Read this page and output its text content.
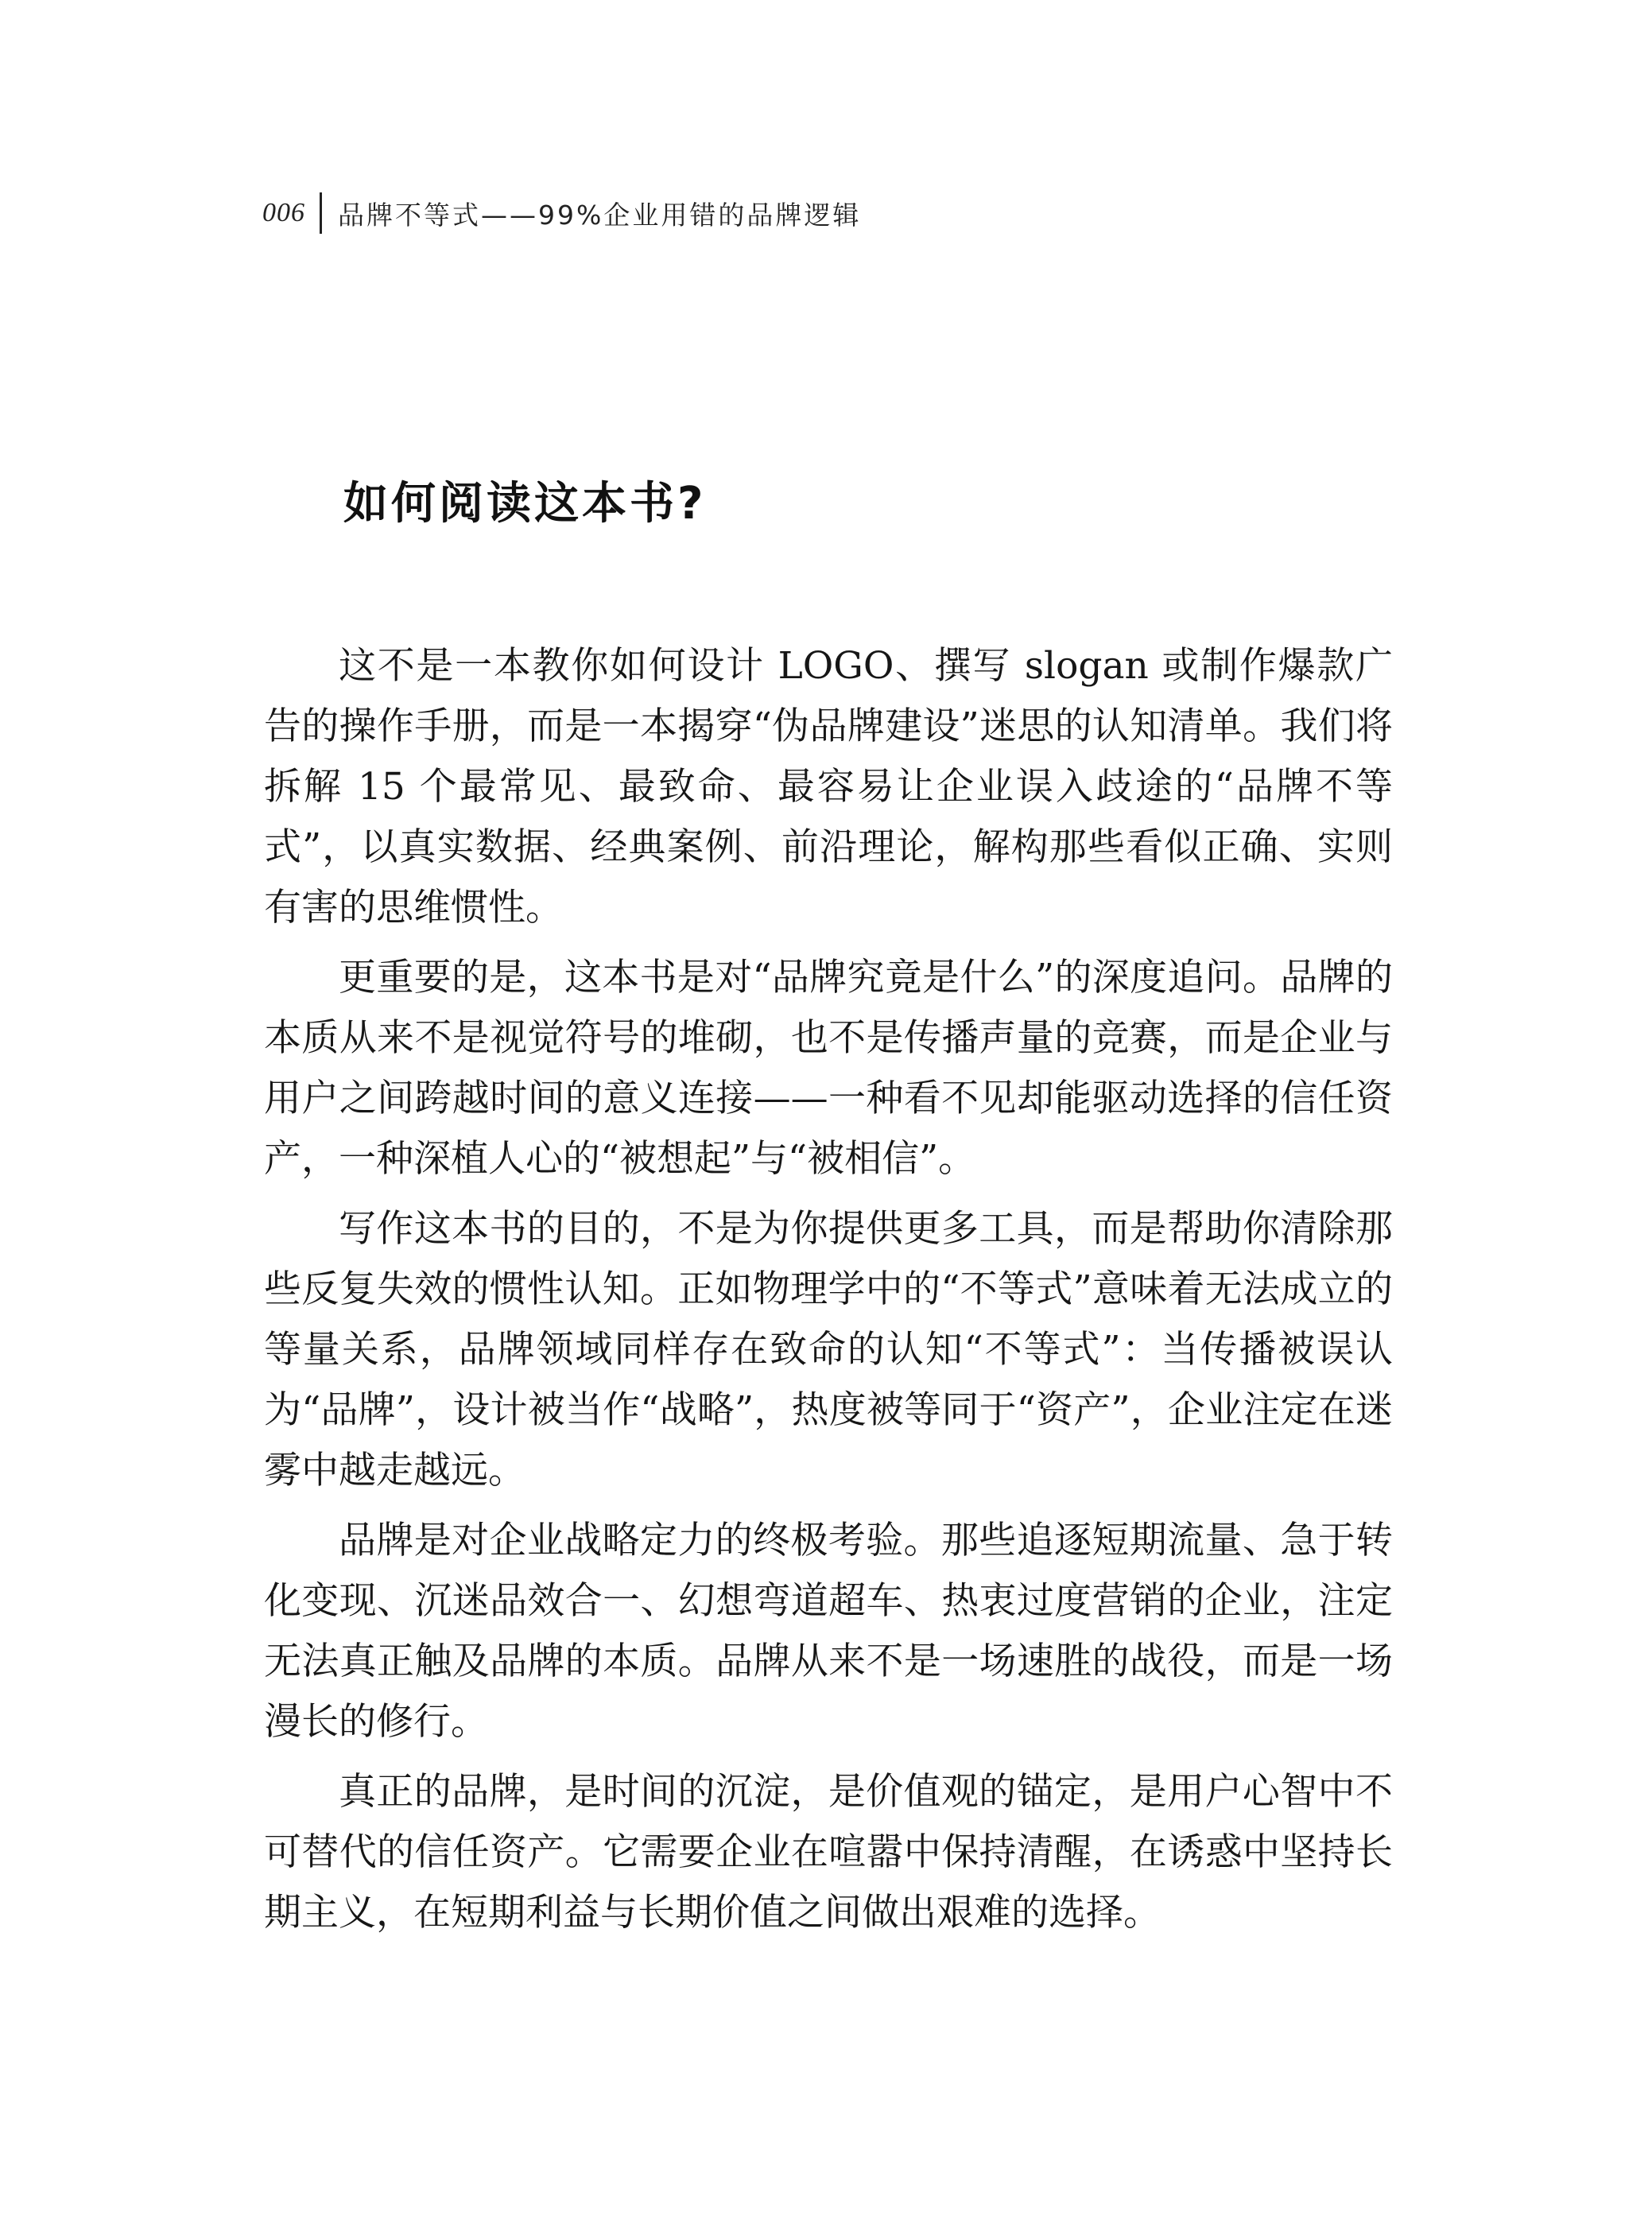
006 品牌不等式——99%企业用错的品牌逻辑
如何阅读这本书?

这不是一本教你如何设计 LOGO、撰写 slogan 或制作爆款广告的操作手册，而是一本揭穿“伪品牌建设”迷思的认知清单。我们将拆解 15 个最常见、最致命、最容易让企业误入歧途的“品牌不等式”，以真实数据、经典案例、前沿理论，解构那些看似正确、实则有害的思维惯性。

更重要的是，这本书是对“品牌究竟是什么”的深度追问。品牌的本质从来不是视觉符号的堆砌，也不是传播声量的竞赛，而是企业与用户之间跨越时间的意义连接——一种看不见却能驱动选择的信任资产，一种深植人心的“被想起”与“被相信”。

写作这本书的目的，不是为你提供更多工具，而是帮助你清除那些反复失效的惯性认知。正如物理学中的“不等式”意味着无法成立的等量关系，品牌领域同样存在致命的认知“不等式”：当传播被误认为“品牌”，设计被当作“战略”，热度被等同于“资产”，企业注定在迷雾中越走越远。

品牌是对企业战略定力的终极考验。那些追逐短期流量、急于转化变现、沉迷品效合一、幻想弯道超车、热衷过度营销的企业，注定无法真正触及品牌的本质。品牌从来不是一场速胜的战役，而是一场漫长的修行。

真正的品牌，是时间的沉淀，是价值观的锚定，是用户心智中不可替代的信任资产。它需要企业在喧嚣中保持清醒，在诱惑中坚持长期主义，在短期利益与长期价值之间做出艰难的选择。
